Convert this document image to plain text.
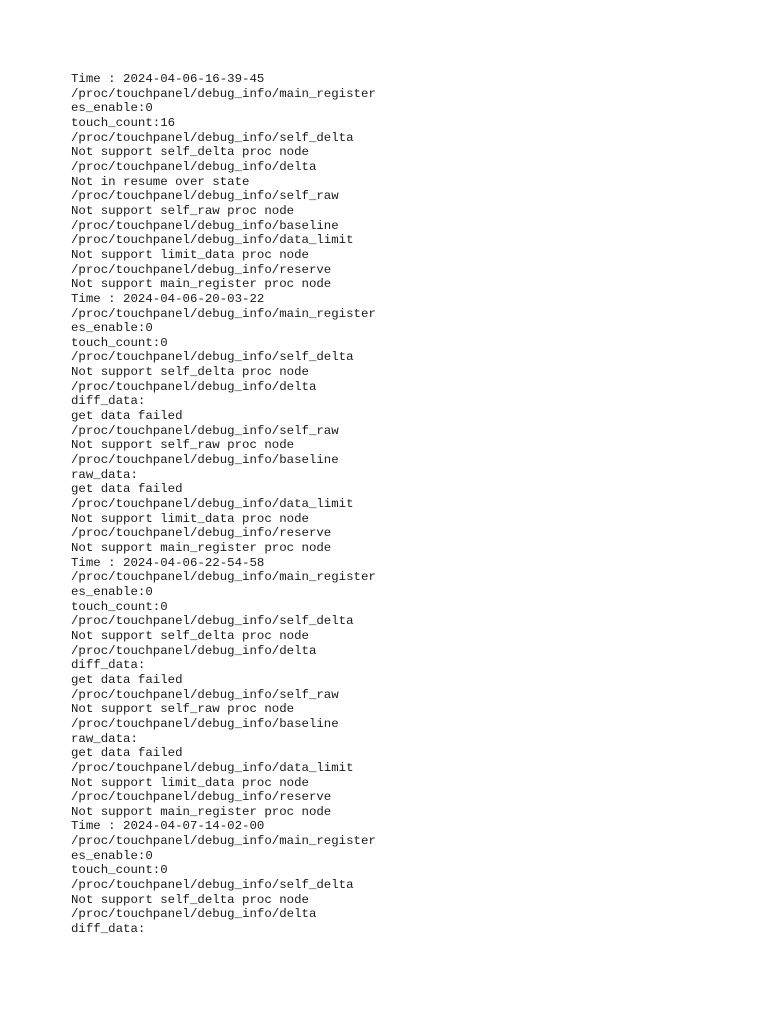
Time : 2024-04-06-16-39-45
/proc/touchpanel/debug_info/main_register
es_enable:0
touch_count:16
/proc/touchpanel/debug_info/self_delta
Not support self_delta proc node
/proc/touchpanel/debug_info/delta
Not in resume over state
/proc/touchpanel/debug_info/self_raw
Not support self_raw proc node
/proc/touchpanel/debug_info/baseline
/proc/touchpanel/debug_info/data_limit
Not support limit_data proc node
/proc/touchpanel/debug_info/reserve
Not support main_register proc node
Time : 2024-04-06-20-03-22
/proc/touchpanel/debug_info/main_register
es_enable:0
touch_count:0
/proc/touchpanel/debug_info/self_delta
Not support self_delta proc node
/proc/touchpanel/debug_info/delta
diff_data:
get data failed
/proc/touchpanel/debug_info/self_raw
Not support self_raw proc node
/proc/touchpanel/debug_info/baseline
raw_data:
get data failed
/proc/touchpanel/debug_info/data_limit
Not support limit_data proc node
/proc/touchpanel/debug_info/reserve
Not support main_register proc node
Time : 2024-04-06-22-54-58
/proc/touchpanel/debug_info/main_register
es_enable:0
touch_count:0
/proc/touchpanel/debug_info/self_delta
Not support self_delta proc node
/proc/touchpanel/debug_info/delta
diff_data:
get data failed
/proc/touchpanel/debug_info/self_raw
Not support self_raw proc node
/proc/touchpanel/debug_info/baseline
raw_data:
get data failed
/proc/touchpanel/debug_info/data_limit
Not support limit_data proc node
/proc/touchpanel/debug_info/reserve
Not support main_register proc node
Time : 2024-04-07-14-02-00
/proc/touchpanel/debug_info/main_register
es_enable:0
touch_count:0
/proc/touchpanel/debug_info/self_delta
Not support self_delta proc node
/proc/touchpanel/debug_info/delta
diff_data:
